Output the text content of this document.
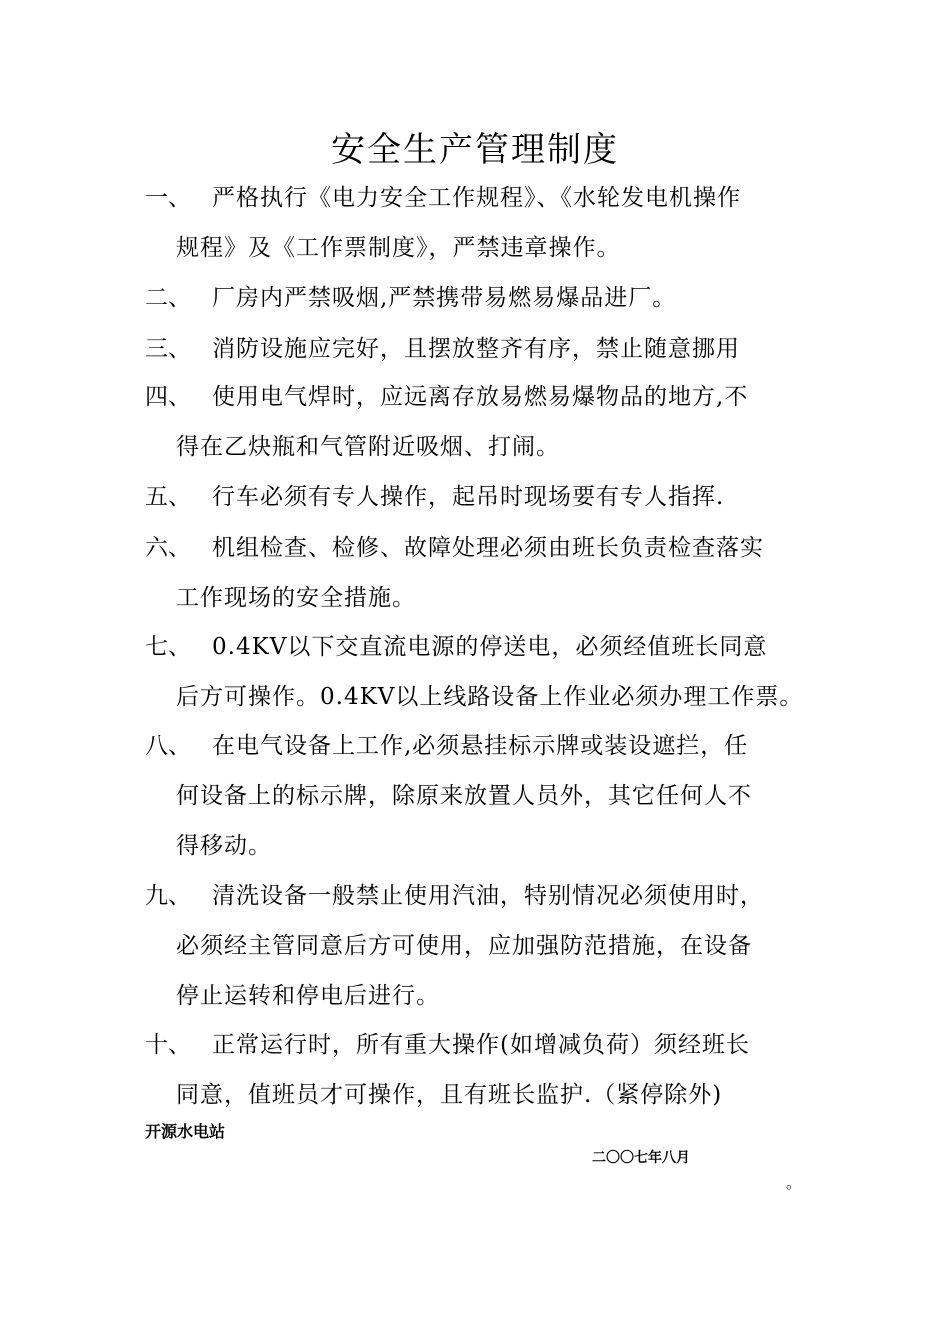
安全生产管理制度
一、 严格执行《电力安全工作规程》、《水轮发电机操作
规程》及《工作票制度》，严禁违章操作。
二、 厂房内严禁吸烟,严禁携带易燃易爆品进厂。
三、 消防设施应完好，且摆放整齐有序，禁止随意挪用
四、 使用电气焊时，应远离存放易燃易爆物品的地方,不
得在乙炔瓶和气管附近吸烟、打闹。
五、 行车必须有专人操作，起吊时现场要有专人指挥.
六、 机组检查、检修、故障处理必须由班长负责检查落实
工作现场的安全措施。
七、 0.4KV以下交直流电源的停送电，必须经值班长同意
后方可操作。0.4KV以上线路设备上作业必须办理工作票。
八、 在电气设备上工作,必须悬挂标示牌或装设遮拦，任
何设备上的标示牌，除原来放置人员外，其它任何人不
得移动。
九、 清洗设备一般禁止使用汽油，特别情况必须使用时，
必须经主管同意后方可使用，应加强防范措施，在设备
停止运转和停电后进行。
十、 正常运行时，所有重大操作(如增减负荷）须经班长
同意，值班员才可操作，且有班长监护.（紧停除外)
开源水电站
二〇〇七年八月
。
